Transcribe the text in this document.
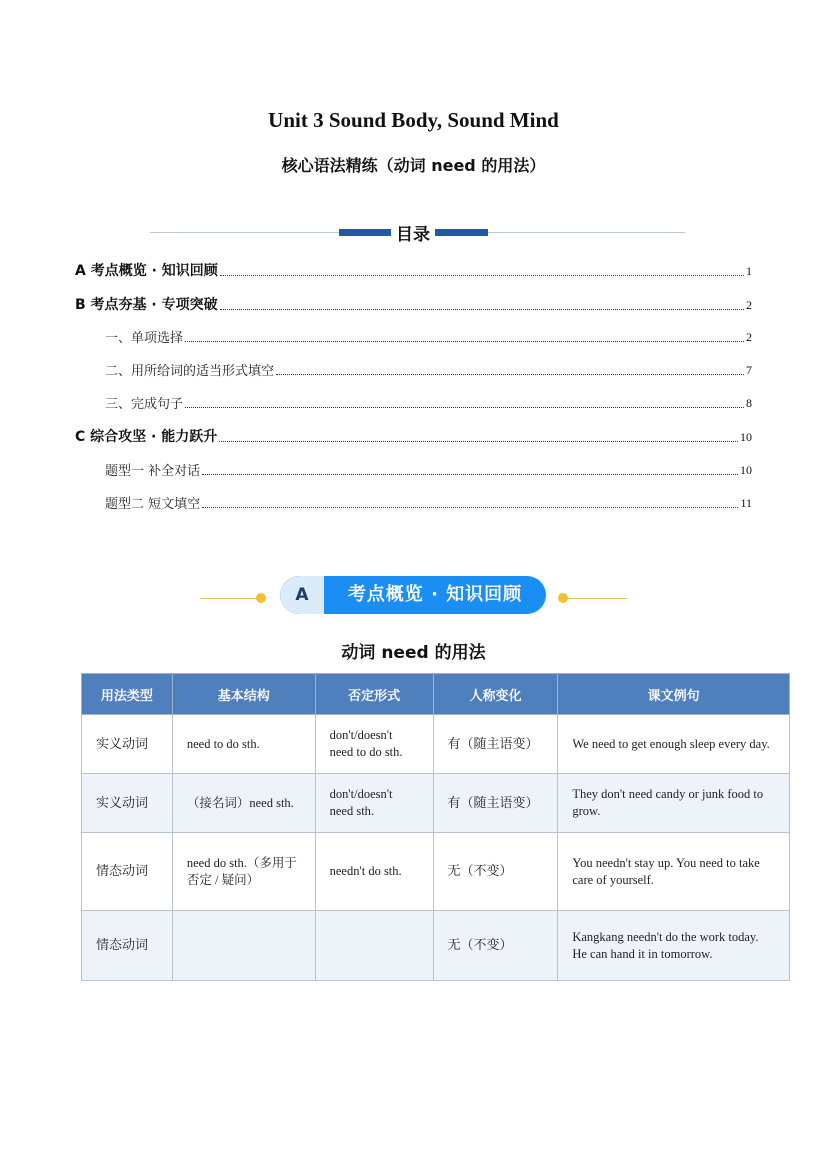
Unit 3 Sound Body, Sound Mind
核心语法精练（动词 need 的用法）
目录
A 考点概览 · 知识回顾	1
B 考点夯基 · 专项突破	2
一、单项选择	2
二、用所给词的适当形式填空	7
三、完成句子	8
C 综合攻坚 · 能力跃升	10
题型一 补全对话	10
题型二 短文填空	11
A	考点概览 · 知识回顾
动词 need 的用法
用法类型	基本结构	否定形式	人称变化	课文例句
实义动词	need to do sth.	don't/doesn't need to do sth.	有（随主语变）	We need to get enough sleep every day.
实义动词	（接名词）need sth.	don't/doesn't need sth.	有（随主语变）	They don't need candy or junk food to grow.
情态动词	need do sth.（多用于否定 / 疑问）	needn't do sth.	无（不变）	You needn't stay up. You need to take care of yourself.
情态动词			无（不变）	Kangkang needn't do the work today. He can hand it in tomorrow.
